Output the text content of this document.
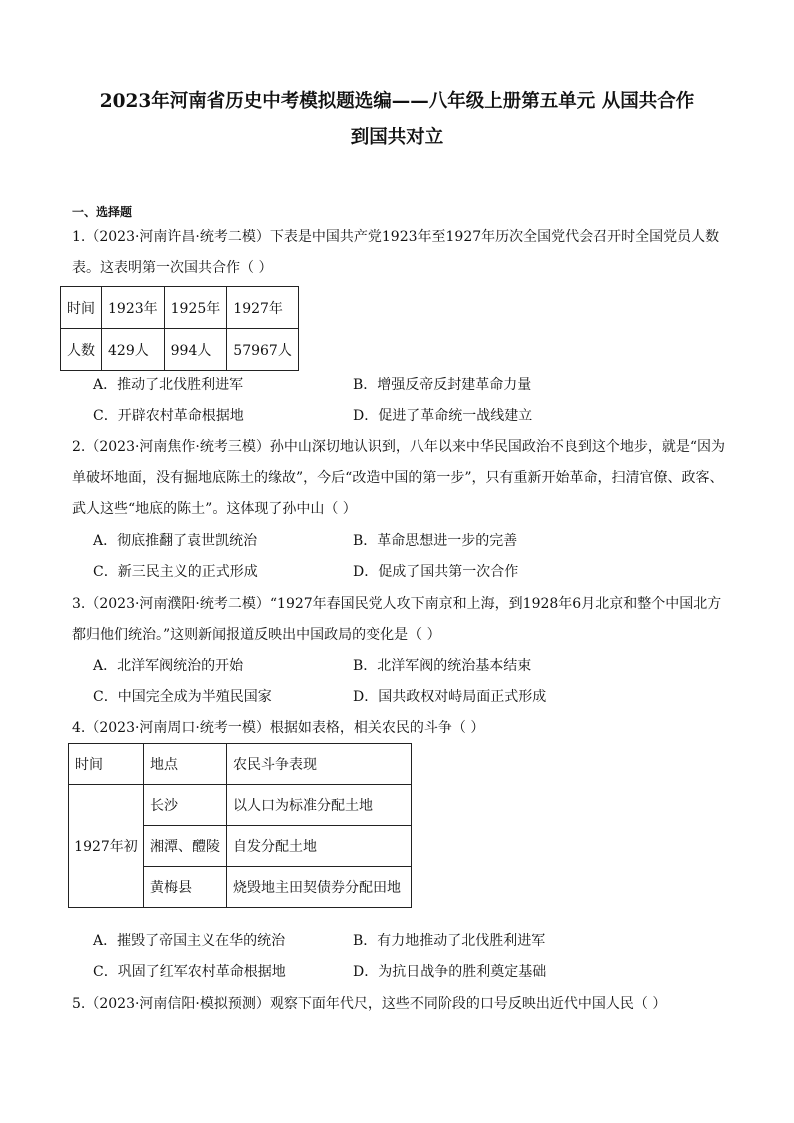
2023年河南省历史中考模拟题选编——八年级上册第五单元 从国共合作
到国共对立
一、选择题
1.（2023·河南许昌·统考二模）下表是中国共产党1923年至1927年历次全国党代会召开时全国党员人数表。这表明第一次国共合作（ ）
时间	1923年	1925年	1927年
人数	429人	994人	57967人
A．推动了北伐胜利进军	B．增强反帝反封建革命力量
C．开辟农村革命根据地	D．促进了革命统一战线建立
2.（2023·河南焦作·统考三模）孙中山深切地认识到，八年以来中华民国政治不良到这个地步，就是“因为单破坏地面，没有掘地底陈土的缘故”，今后“改造中国的第一步”，只有重新开始革命，扫清官僚、政客、武人这些“地底的陈土”。这体现了孙中山（ ）
A．彻底推翻了袁世凯统治	B．革命思想进一步的完善
C．新三民主义的正式形成	D．促成了国共第一次合作
3.（2023·河南濮阳·统考二模）“1927年春国民党人攻下南京和上海，到1928年6月北京和整个中国北方都归他们统治。”这则新闻报道反映出中国政局的变化是（ ）
A．北洋军阀统治的开始	B．北洋军阀的统治基本结束
C．中国完全成为半殖民国家	D．国共政权对峙局面正式形成
4.（2023·河南周口·统考一模）根据如表格，相关农民的斗争（ ）
时间	地点	农民斗争表现
1927年初	长沙	以人口为标准分配土地
	湘潭、醴陵	自发分配土地
	黄梅县	烧毁地主田契债券分配田地
A．摧毁了帝国主义在华的统治	B．有力地推动了北伐胜利进军
C．巩固了红军农村革命根据地	D．为抗日战争的胜利奠定基础
5.（2023·河南信阳·模拟预测）观察下面年代尺，这些不同阶段的口号反映出近代中国人民（ ）
